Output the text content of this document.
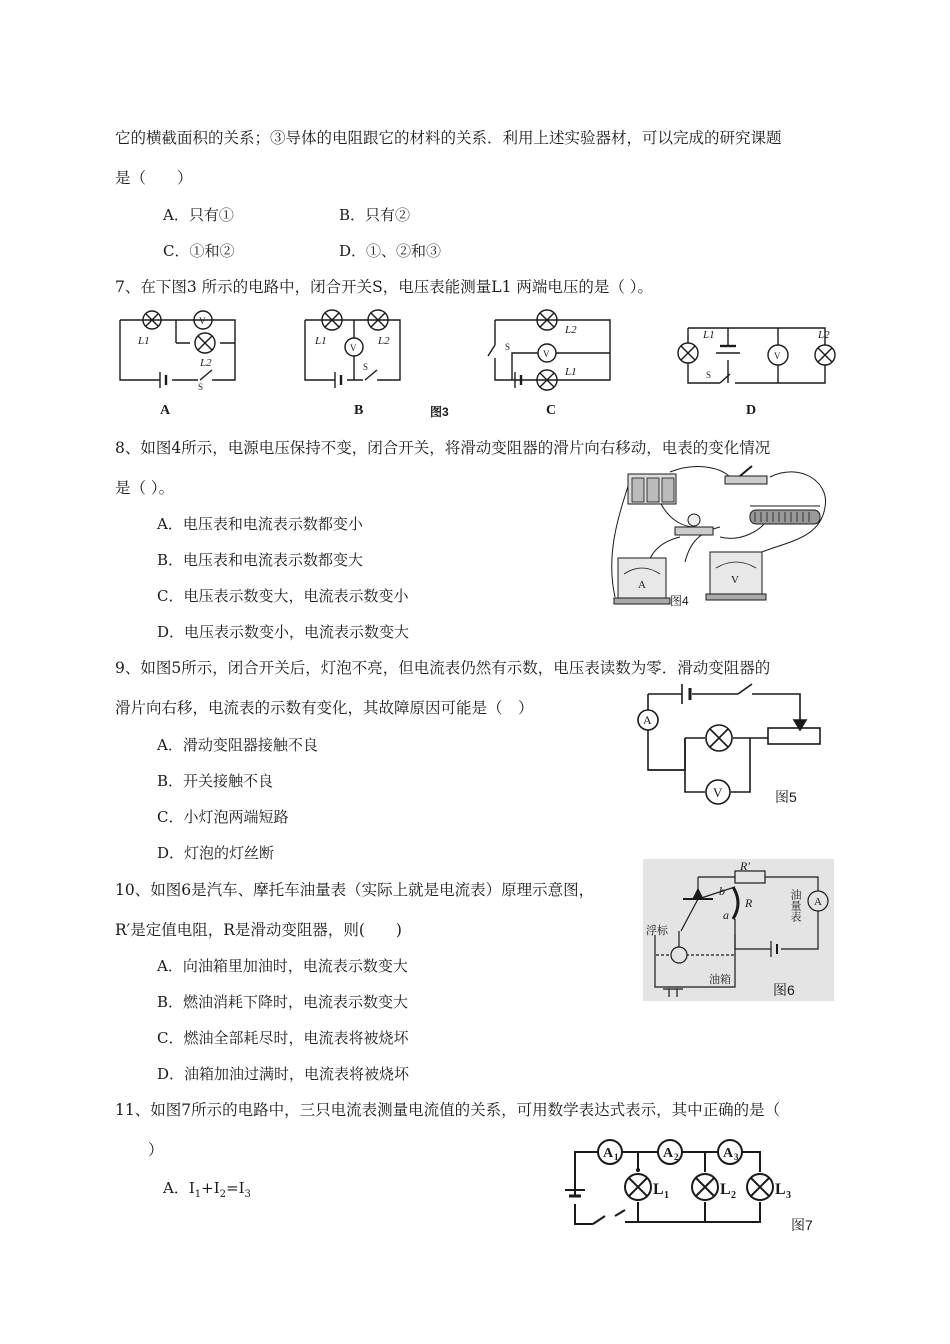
它的横截面积的关系；③导体的电阻跟它的材料的关系．利用上述实验器材，可以完成的研究课题
是（　　）
A．只有①	B．只有②
C．①和②	D．①、②和③
7、在下图3 所示的电路中，闭合开关S，电压表能测量L1 两端电压的是（ ）。
L1
L2
S
V
L1	L2
S
V
L2
L1
S
V
L1	L2
S
V
A	B	C	D
图3
8、如图4所示，电源电压保持不变，闭合开关，将滑动变阻器的滑片向右移动，电表的变化情况
是（ ）。
A．电压表和电流表示数都变小
B．电压表和电流表示数都变大
C．电压表示数变大，电流表示数变小
D．电压表示数变小，电流表示数变大
A	V
图4
9、如图5所示，闭合开关后，灯泡不亮，但电流表仍然有示数，电压表读数为零．滑动变阻器的
滑片向右移，电流表的示数有变化，其故障原因可能是（　）
A．滑动变阻器接触不良
B．开关接触不良
C．小灯泡两端短路
D．灯泡的灯丝断
A
V	图5
10、如图6是汽车、摩托车油量表（实际上就是电流表）原理示意图，
R′是定值电阻，R是滑动变阻器，则(　　)
A．向油箱里加油时，电流表示数变大
B．燃油消耗下降时，电流表示数变大
C．燃油全部耗尽时，电流表将被烧坏
D．油箱加油过满时，电流表将被烧坏
R′
b
a
R	A
浮标
油箱
图6
油量表
11、如图7所示的电路中，三只电流表测量电流值的关系，可用数学表达式表示，其中正确的是（
）
A．$I_1+I_2=I_3$
A 1	A 2	A 3
L 1	L 2 L 3
图7
